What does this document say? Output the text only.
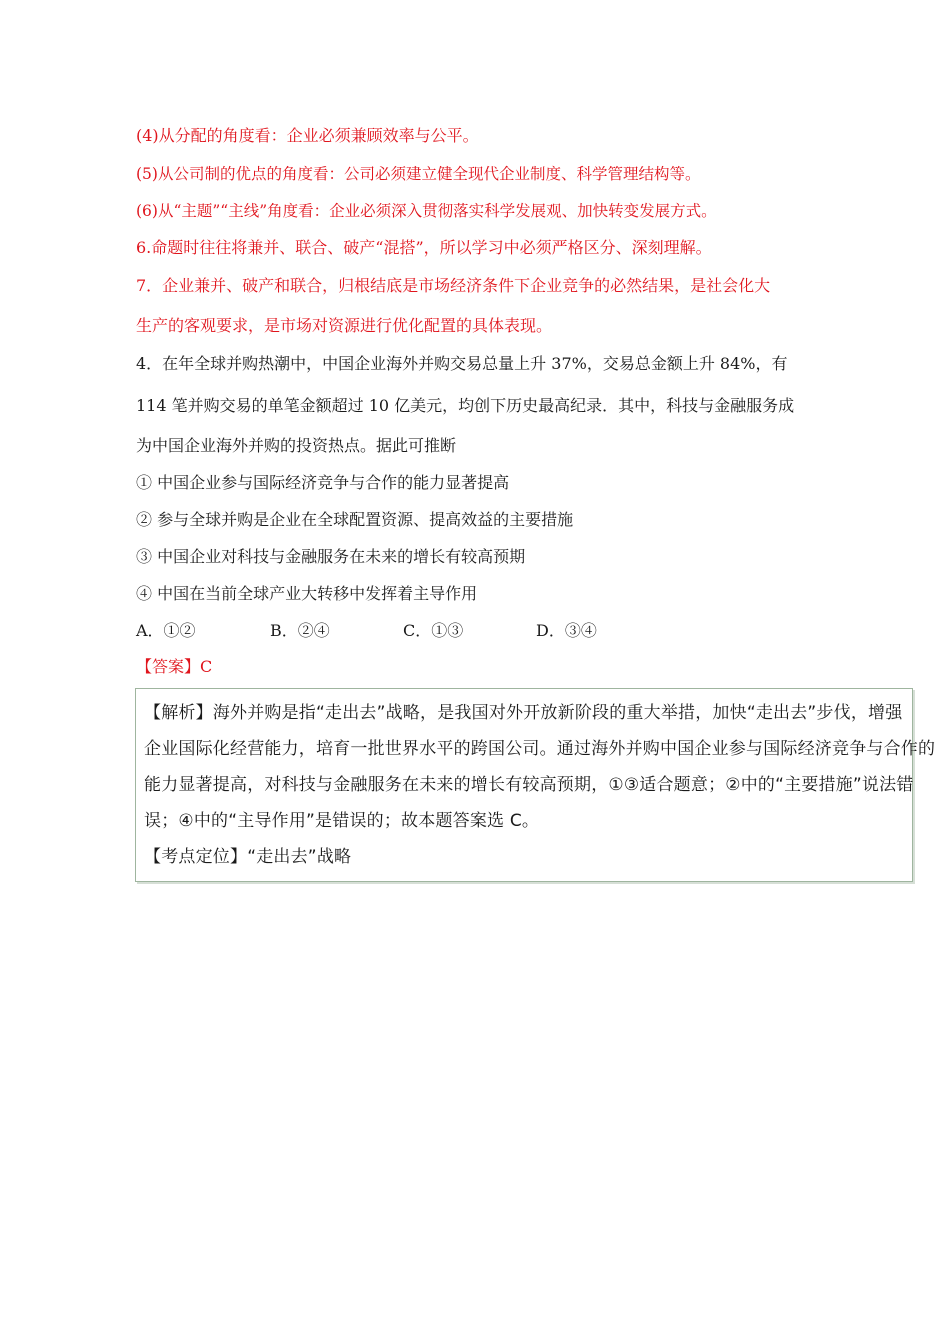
(4)从分配的角度看：企业必须兼顾效率与公平。
(5)从公司制的优点的角度看：公司必须建立健全现代企业制度、科学管理结构等。
(6)从“主题”“主线”角度看：企业必须深入贯彻落实科学发展观、加快转变发展方式。
6.命题时往往将兼并、联合、破产“混搭”，所以学习中必须严格区分、深刻理解。
7．企业兼并、破产和联合，归根结底是市场经济条件下企业竞争的必然结果，是社会化大
生产的客观要求，是市场对资源进行优化配置的具体表现。
4．在年全球并购热潮中，中国企业海外并购交易总量上升 37%，交易总金额上升 84%，有
114 笔并购交易的单笔金额超过 10 亿美元，均创下历史最高纪录．其中，科技与金融服务成
为中国企业海外并购的投资热点。据此可推断
① 中国企业参与国际经济竞争与合作的能力显著提高
② 参与全球并购是企业在全球配置资源、提高效益的主要措施
③ 中国企业对科技与金融服务在未来的增长有较高预期
④ 中国在当前全球产业大转移中发挥着主导作用
A．①②	B．②④	C．①③	D．③④
【答案】C
【解析】海外并购是指“走出去”战略，是我国对外开放新阶段的重大举措，加快“走出去”步伐，增强
企业国际化经营能力，培育一批世界水平的跨国公司。通过海外并购中国企业参与国际经济竞争与合作的
能力显著提高，对科技与金融服务在未来的增长有较高预期，①③适合题意；②中的“主要措施”说法错
误；④中的“主导作用”是错误的；故本题答案选 C。
【考点定位】“走出去”战略
